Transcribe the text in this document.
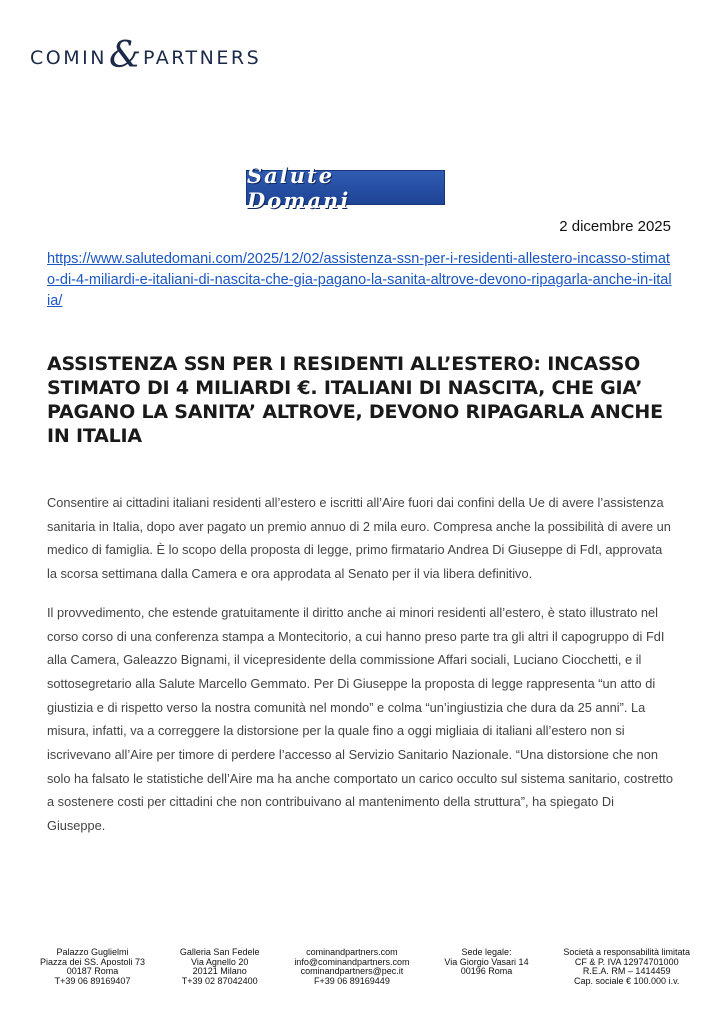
COMIN & PARTNERS
Salute Domani
2 dicembre 2025
https://www.salutedomani.com/2025/12/02/assistenza-ssn-per-i-residenti-allestero-incasso-stimato-di-4-miliardi-e-italiani-di-nascita-che-gia-pagano-la-sanita-altrove-devono-ripagarla-anche-in-italia/
ASSISTENZA SSN PER I RESIDENTI ALL’ESTERO: INCASSO STIMATO DI 4 MILIARDI €. ITALIANI DI NASCITA, CHE GIA’ PAGANO LA SANITA’ ALTROVE, DEVONO RIPAGARLA ANCHE IN ITALIA

Consentire ai cittadini italiani residenti all’estero e iscritti all’Aire fuori dai confini della Ue di avere l’assistenza sanitaria in Italia, dopo aver pagato un premio annuo di 2 mila euro. Compresa anche la possibilità di avere un medico di famiglia. È lo scopo della proposta di legge, primo firmatario Andrea Di Giuseppe di FdI, approvata la scorsa settimana dalla Camera e ora approdata al Senato per il via libera definitivo.

Il provvedimento, che estende gratuitamente il diritto anche ai minori residenti all’estero, è stato illustrato nel corso corso di una conferenza stampa a Montecitorio, a cui hanno preso parte tra gli altri il capogruppo di FdI alla Camera, Galeazzo Bignami, il vicepresidente della commissione Affari sociali, Luciano Ciocchetti, e il sottosegretario alla Salute Marcello Gemmato. Per Di Giuseppe la proposta di legge rappresenta “un atto di giustizia e di rispetto verso la nostra comunità nel mondo” e colma “un’ingiustizia che dura da 25 anni”. La misura, infatti, va a correggere la distorsione per la quale fino a oggi migliaia di italiani all’estero non si iscrivevano all’Aire per timore di perdere l’accesso al Servizio Sanitario Nazionale. “Una distorsione che non solo ha falsato le statistiche dell’Aire ma ha anche comportato un carico occulto sul sistema sanitario, costretto a sostenere costi per cittadini che non contribuivano al mantenimento della struttura”, ha spiegato Di Giuseppe.

Palazzo Guglielmi
Piazza dei SS. Apostoli 73
00187 Roma
T+39 06 89169407
Galleria San Fedele
Via Agnello 20
20121 Milano
T+39 02 87042400
cominandpartners.com
info@cominandpartners.com
cominandpartners@pec.it
F+39 06 89169449
Sede legale:
Via Giorgio Vasari 14
00196 Roma
Società a responsabilità limitata
CF & P. IVA 12974701000
R.E.A. RM – 1414459
Cap. sociale € 100.000 i.v.
